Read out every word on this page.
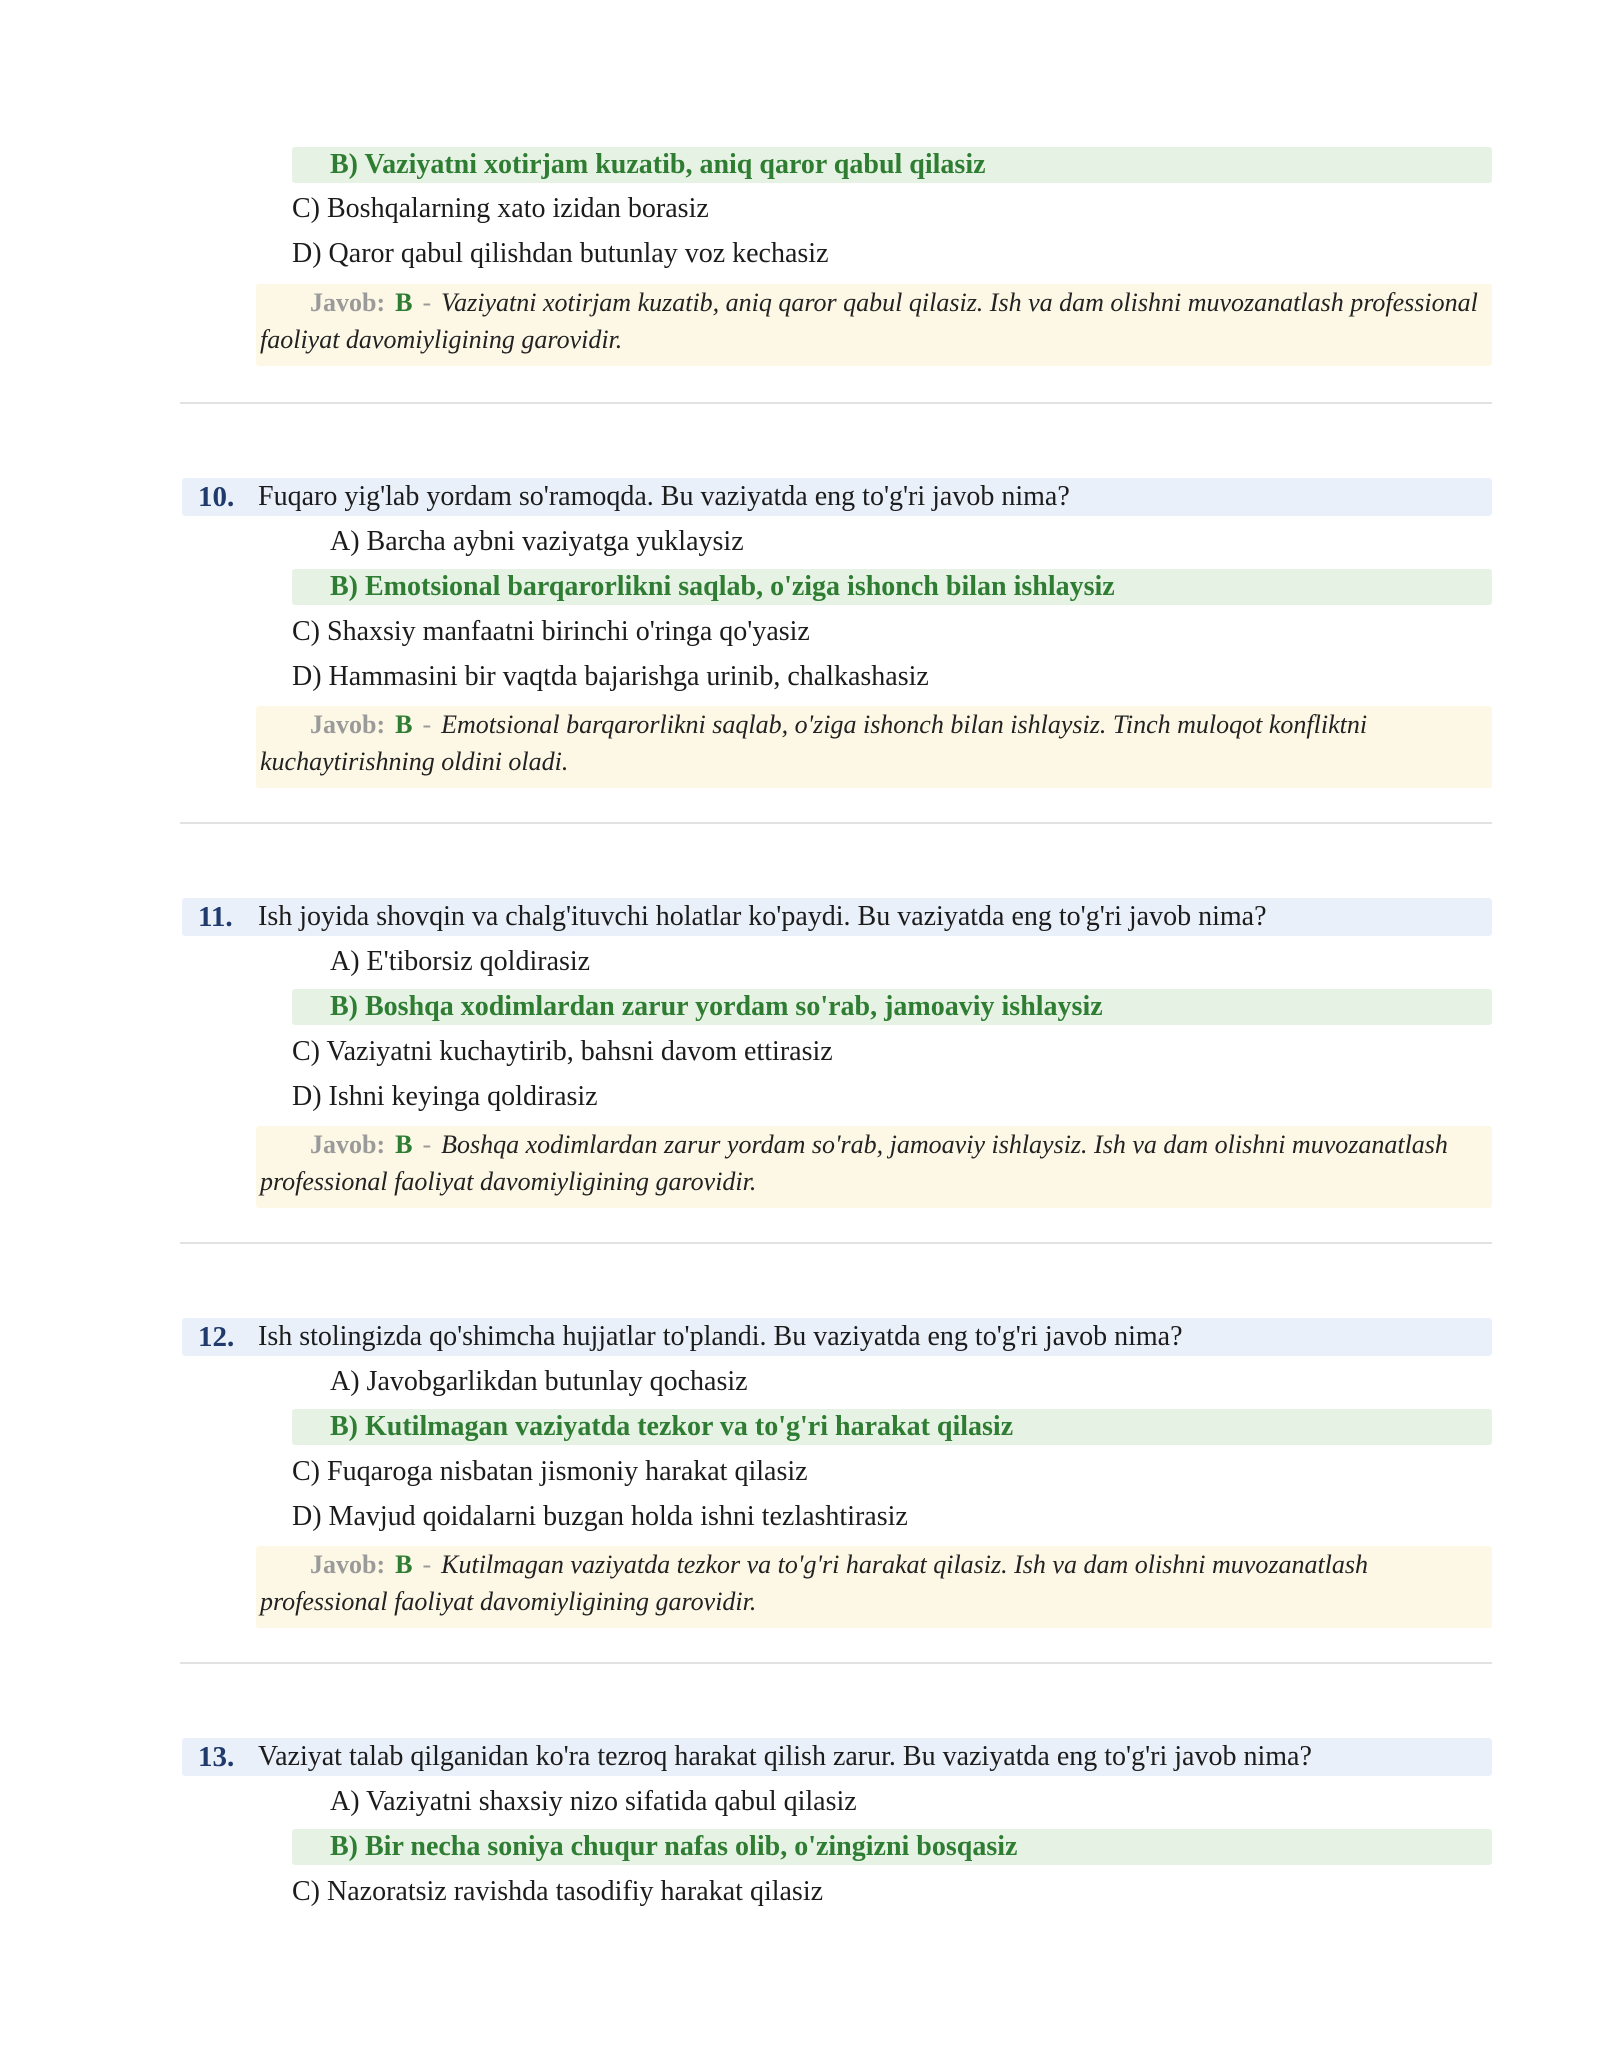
B) Vaziyatni xotirjam kuzatib, aniq qaror qabul qilasiz
C) Boshqalarning xato izidan borasiz
D) Qaror qabul qilishdan butunlay voz kechasiz

Javob: B - Vaziyatni xotirjam kuzatib, aniq qaror qabul qilasiz. Ish va dam olishni muvozanatlash professional faoliyat davomiyligining garovidir.

10. Fuqaro yig'lab yordam so'ramoqda. Bu vaziyatda eng to'g'ri javob nima?
A) Barcha aybni vaziyatga yuklaysiz
B) Emotsional barqarorlikni saqlab, o'ziga ishonch bilan ishlaysiz
C) Shaxsiy manfaatni birinchi o'ringa qo'yasiz
D) Hammasini bir vaqtda bajarishga urinib, chalkashasiz

Javob: B - Emotsional barqarorlikni saqlab, o'ziga ishonch bilan ishlaysiz. Tinch muloqot konfliktni kuchaytirishning oldini oladi.

11. Ish joyida shovqin va chalg'ituvchi holatlar ko'paydi. Bu vaziyatda eng to'g'ri javob nima?
A) E'tiborsiz qoldirasiz
B) Boshqa xodimlardan zarur yordam so'rab, jamoaviy ishlaysiz
C) Vaziyatni kuchaytirib, bahsni davom ettirasiz
D) Ishni keyinga qoldirasiz

Javob: B - Boshqa xodimlardan zarur yordam so'rab, jamoaviy ishlaysiz. Ish va dam olishni muvozanatlash professional faoliyat davomiyligining garovidir.

12. Ish stolingizda qo'shimcha hujjatlar to'plandi. Bu vaziyatda eng to'g'ri javob nima?
A) Javobgarlikdan butunlay qochasiz
B) Kutilmagan vaziyatda tezkor va to'g'ri harakat qilasiz
C) Fuqaroga nisbatan jismoniy harakat qilasiz
D) Mavjud qoidalarni buzgan holda ishni tezlashtirasiz

Javob: B - Kutilmagan vaziyatda tezkor va to'g'ri harakat qilasiz. Ish va dam olishni muvozanatlash professional faoliyat davomiyligining garovidir.

13. Vaziyat talab qilganidan ko'ra tezroq harakat qilish zarur. Bu vaziyatda eng to'g'ri javob nima?
A) Vaziyatni shaxsiy nizo sifatida qabul qilasiz
B) Bir necha soniya chuqur nafas olib, o'zingizni bosqasiz
C) Nazoratsiz ravishda tasodifiy harakat qilasiz
